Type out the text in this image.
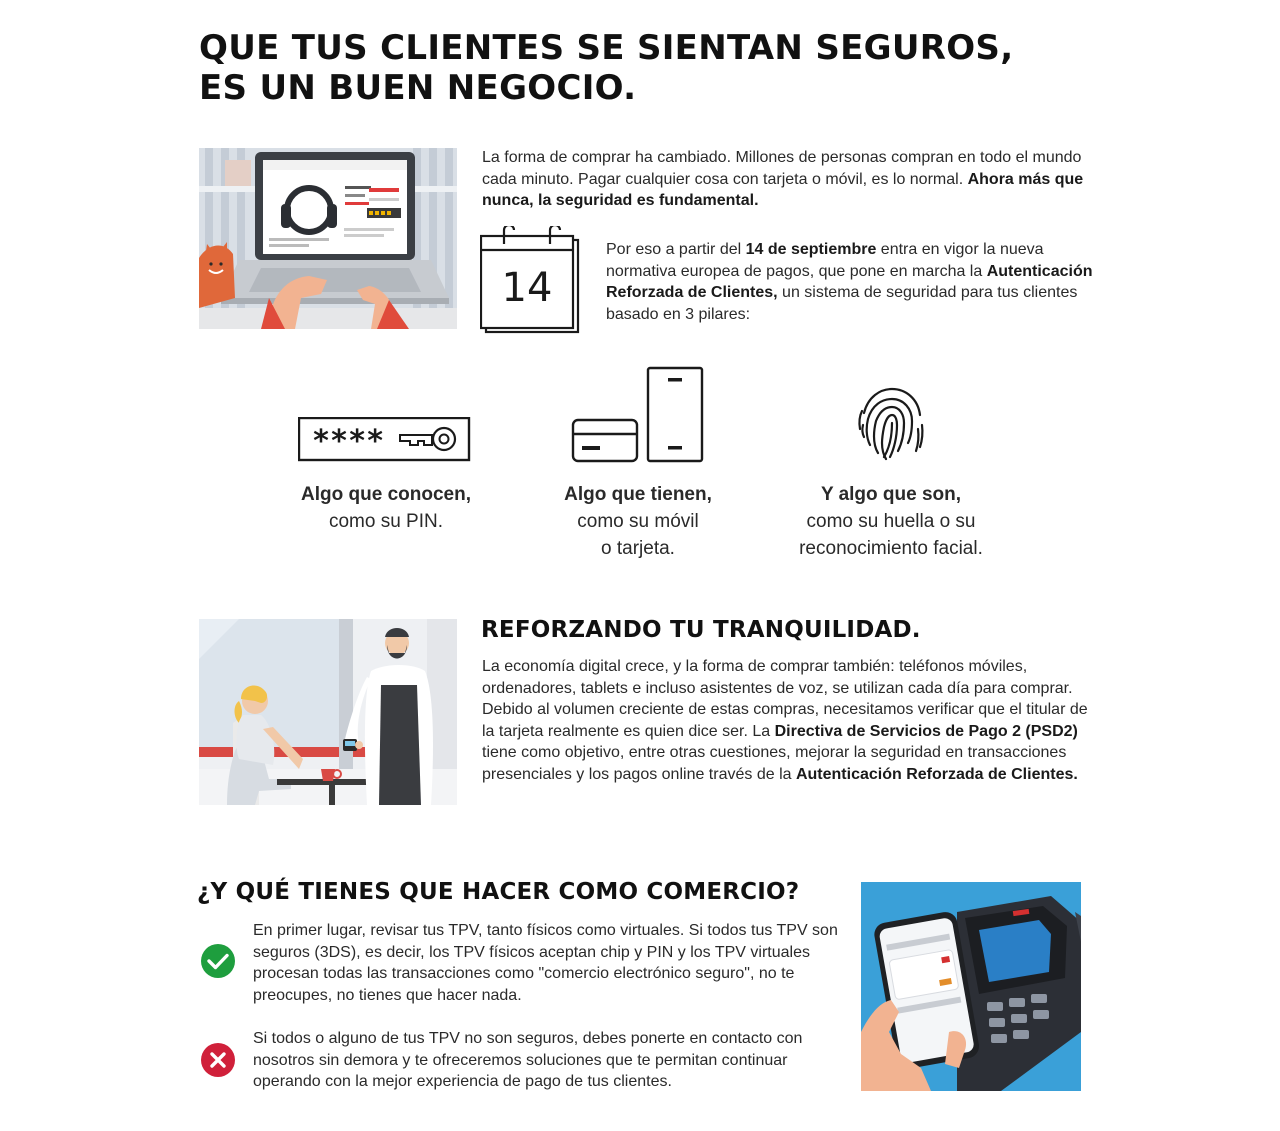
QUE TUS CLIENTES SE SIENTAN SEGUROS,
ES UN BUEN NEGOCIO.

La forma de comprar ha cambiado. Millones de personas compran en todo el mundo cada minuto. Pagar cualquier cosa con tarjeta o móvil, es lo normal. Ahora más que nunca, la seguridad es fundamental.

14

Por eso a partir del 14 de septiembre entra en vigor la nueva normativa europea de pagos, que pone en marcha la Autenticación Reforzada de Clientes, un sistema de seguridad para tus clientes basado en 3 pilares:

****
Algo que conocen,
como su PIN.
Algo que tienen,
como su móvil
o tarjeta.
Y algo que son,
como su huella o su
reconocimiento facial.
REFORZANDO TU TRANQUILIDAD.

La economía digital crece, y la forma de comprar también: teléfonos móviles, ordenadores, tablets e incluso asistentes de voz, se utilizan cada día para comprar. Debido al volumen creciente de estas compras, necesitamos verificar que el titular de la tarjeta realmente es quien dice ser. La Directiva de Servicios de Pago 2 (PSD2) tiene como objetivo, entre otras cuestiones, mejorar la seguridad en transacciones presenciales y los pagos online través de la Autenticación Reforzada de Clientes.

¿Y QUÉ TIENES QUE HACER COMO COMERCIO?

En primer lugar, revisar tus TPV, tanto físicos como virtuales. Si todos tus TPV son seguros (3DS), es decir, los TPV físicos aceptan chip y PIN y los TPV virtuales procesan todas las transacciones como "comercio electrónico seguro", no te preocupes, no tienes que hacer nada.

Si todos o alguno de tus TPV no son seguros, debes ponerte en contacto con nosotros sin demora y te ofreceremos soluciones que te permitan continuar operando con la mejor experiencia de pago de tus clientes.
